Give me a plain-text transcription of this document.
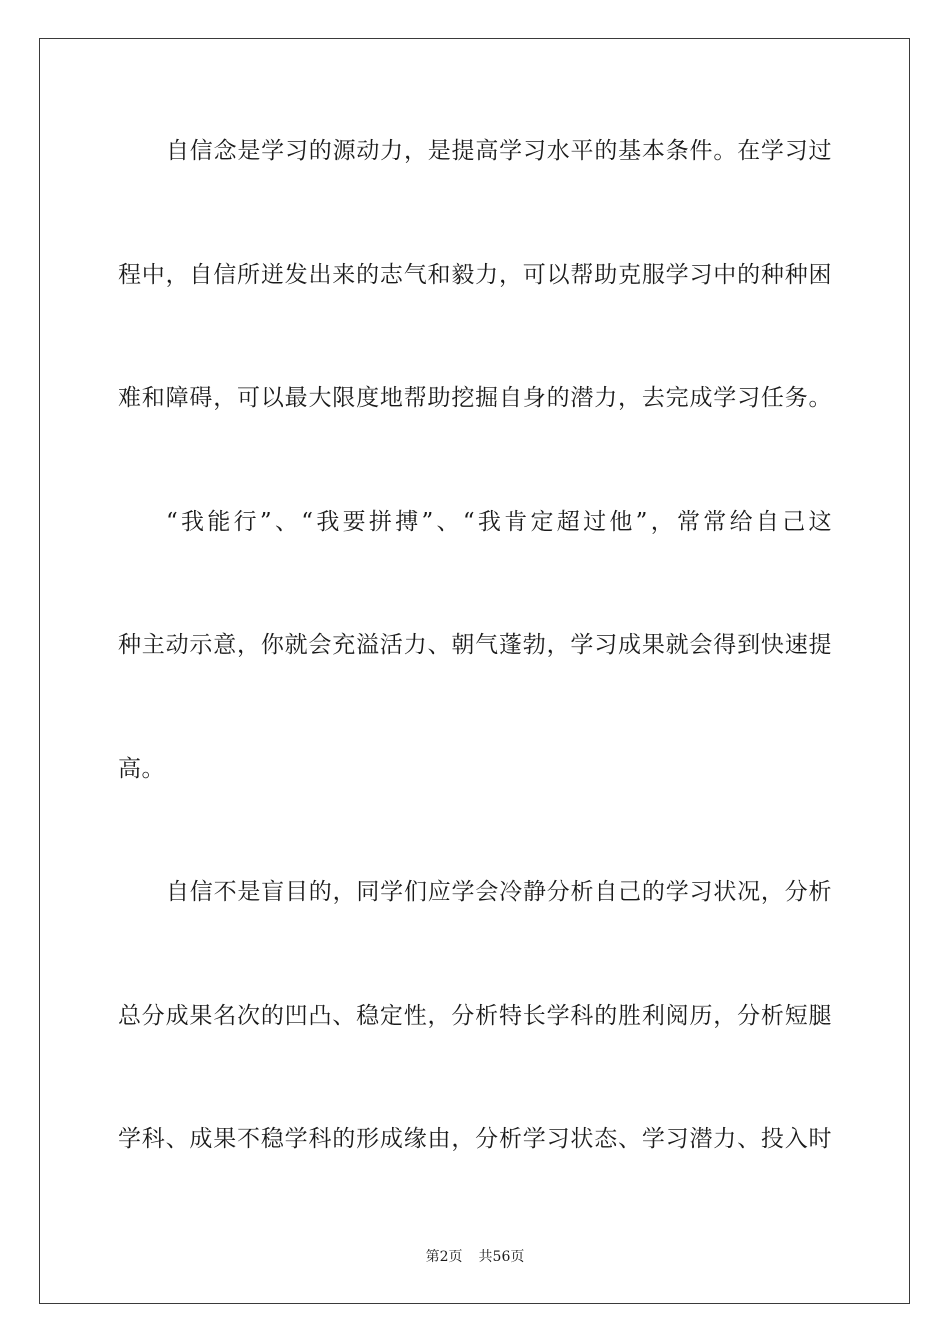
自信念是学习的源动力，是提高学习水平的基本条件。在学习过
程中，自信所迸发出来的志气和毅力，可以帮助克服学习中的种种困
难和障碍，可以最大限度地帮助挖掘自身的潜力，去完成学习任务。
“我能行”、“我要拼搏”、“我肯定超过他”，常常给自己这
种主动示意，你就会充溢活力、朝气蓬勃，学习成果就会得到快速提
高。
自信不是盲目的，同学们应学会冷静分析自己的学习状况，分析
总分成果名次的凹凸、稳定性，分析特长学科的胜利阅历，分析短腿
学科、成果不稳学科的形成缘由，分析学习状态、学习潜力、投入时
第2页 共56页
